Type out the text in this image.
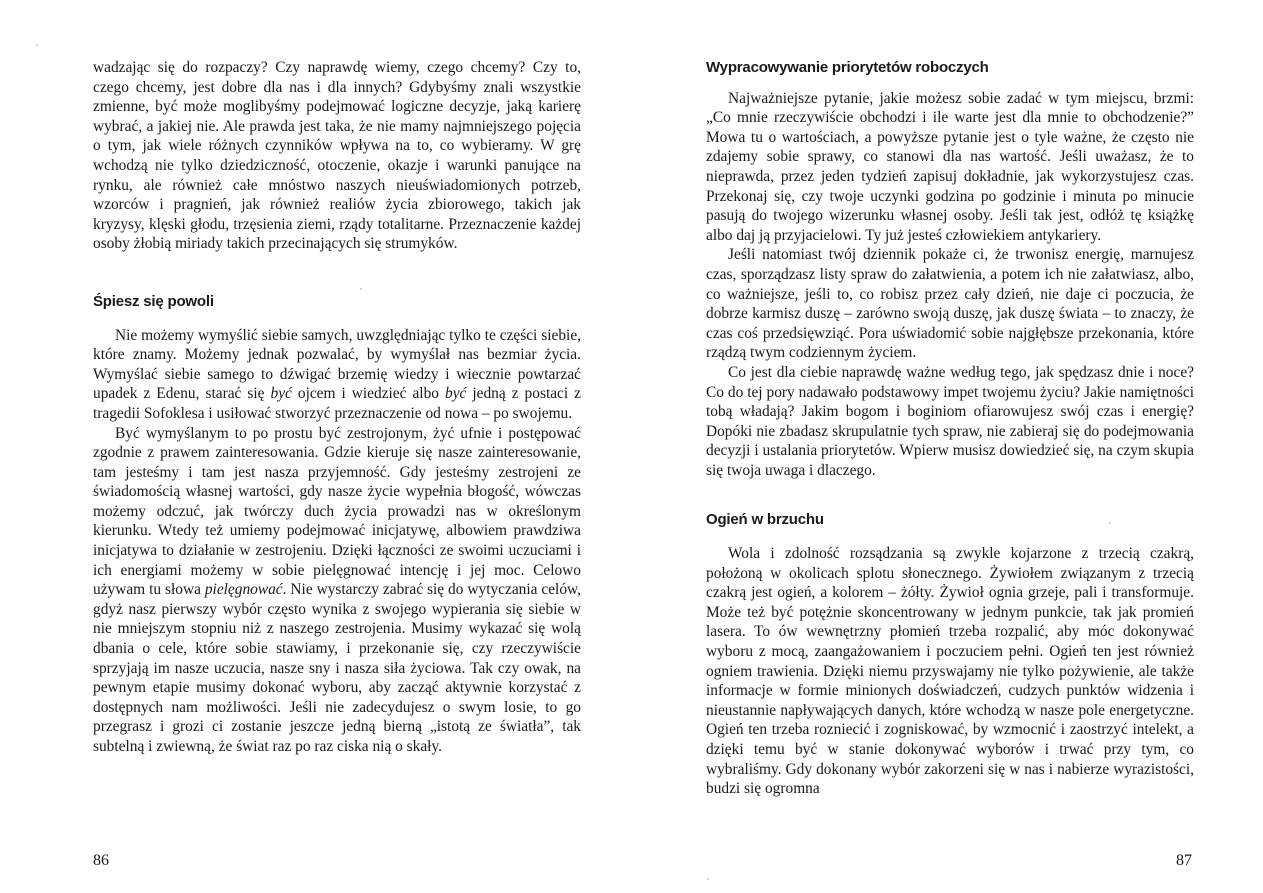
wadzając się do rozpaczy? Czy naprawdę wiemy, czego chcemy? Czy to, czego chcemy, jest dobre dla nas i dla innych? Gdybyśmy znali wszystkie zmienne, być może moglibyśmy podejmować logiczne decyzje, jaką karierę wybrać, a jakiej nie. Ale prawda jest taka, że nie mamy najmniejszego pojęcia o tym, jak wiele różnych czynników wpływa na to, co wybieramy. W grę wchodzą nie tylko dziedziczność, otoczenie, okazje i warunki panujące na rynku, ale również całe mnóstwo naszych nieuświadomionych potrzeb, wzorców i pragnień, jak również realiów życia zbiorowego, takich jak kryzysy, klęski głodu, trzęsienia ziemi, rządy totalitarne. Przeznaczenie każdej osoby żłobią miriady takich przecinających się strumyków.

Śpiesz się powoli

Nie możemy wymyślić siebie samych, uwzględniając tylko te części siebie, które znamy. Możemy jednak pozwalać, by wymyślał nas bezmiar życia. Wymyślać siebie samego to dźwigać brzemię wiedzy i wiecznie powtarzać upadek z Edenu, starać się być ojcem i wiedzieć albo być jedną z postaci z tragedii Sofoklesa i usiłować stworzyć przeznaczenie od nowa – po swojemu.

Być wymyślanym to po prostu być zestrojonym, żyć ufnie i postępować zgodnie z prawem zainteresowania. Gdzie kieruje się nasze zainteresowanie, tam jesteśmy i tam jest nasza przyjemność. Gdy jesteśmy zestrojeni ze świadomością własnej wartości, gdy nasze życie wypełnia błogość, wówczas możemy odczuć, jak twórczy duch życia prowadzi nas w określonym kierunku. Wtedy też umiemy podejmować inicjatywę, albowiem prawdziwa inicjatywa to działanie w zestrojeniu. Dzięki łączności ze swoimi uczuciami i ich energiami możemy w sobie pielęgnować intencję i jej moc. Celowo używam tu słowa pielęgnować. Nie wystarczy zabrać się do wytyczania celów, gdyż nasz pierwszy wybór często wynika z swojego wypierania się siebie w nie mniejszym stopniu niż z naszego zestrojenia. Musimy wykazać się wolą dbania o cele, które sobie stawiamy, i przekonanie się, czy rzeczywiście sprzyjają im nasze uczucia, nasze sny i nasza siła życiowa. Tak czy owak, na pewnym etapie musimy dokonać wyboru, aby zacząć aktywnie korzystać z dostępnych nam możliwości. Jeśli nie zadecydujesz o swym losie, to go przegrasz i grozi ci zostanie jeszcze jedną bierną „istotą ze światła”, tak subtelną i zwiewną, że świat raz po raz ciska nią o skały.

86
Wypracowywanie priorytetów roboczych

Najważniejsze pytanie, jakie możesz sobie zadać w tym miejscu, brzmi: „Co mnie rzeczywiście obchodzi i ile warte jest dla mnie to obchodzenie?” Mowa tu o wartościach, a powyższe pytanie jest o tyle ważne, że często nie zdajemy sobie sprawy, co stanowi dla nas wartość. Jeśli uważasz, że to nieprawda, przez jeden tydzień zapisuj dokładnie, jak wykorzystujesz czas. Przekonaj się, czy twoje uczynki godzina po godzinie i minuta po minucie pasują do twojego wizerunku własnej osoby. Jeśli tak jest, odłóż tę książkę albo daj ją przyjacielowi. Ty już jesteś człowiekiem antykariery.

Jeśli natomiast twój dziennik pokaże ci, że trwonisz energię, marnujesz czas, sporządzasz listy spraw do załatwienia, a potem ich nie załatwiasz, albo, co ważniejsze, jeśli to, co robisz przez cały dzień, nie daje ci poczucia, że dobrze karmisz duszę – zarówno swoją duszę, jak duszę świata – to znaczy, że czas coś przedsięwziąć. Pora uświadomić sobie najgłębsze przekonania, które rządzą twym codziennym życiem.

Co jest dla ciebie naprawdę ważne według tego, jak spędzasz dnie i noce? Co do tej pory nadawało podstawowy impet twojemu życiu? Jakie namiętności tobą władają? Jakim bogom i boginiom ofiarowujesz swój czas i energię? Dopóki nie zbadasz skrupulatnie tych spraw, nie zabieraj się do podejmowania decyzji i ustalania priorytetów. Wpierw musisz dowiedzieć się, na czym skupia się twoja uwaga i dlaczego.

Ogień w brzuchu

Wola i zdolność rozsądzania są zwykle kojarzone z trzecią czakrą, położoną w okolicach splotu słonecznego. Żywiołem związanym z trzecią czakrą jest ogień, a kolorem – żółty. Żywioł ognia grzeje, pali i transformuje. Może też być potężnie skoncentrowany w jednym punkcie, tak jak promień lasera. To ów wewnętrzny płomień trzeba rozpalić, aby móc dokonywać wyboru z mocą, zaangażowaniem i poczuciem pełni. Ogień ten jest również ogniem trawienia. Dzięki niemu przyswajamy nie tylko pożywienie, ale także informacje w formie minionych doświadczeń, cudzych punktów widzenia i nieustannie napływających danych, które wchodzą w nasze pole energetyczne. Ogień ten trzeba rozniecić i zogniskować, by wzmocnić i zaostrzyć intelekt, a dzięki temu być w stanie dokonywać wyborów i trwać przy tym, co wybraliśmy. Gdy dokonany wybór zakorzeni się w nas i nabierze wyrazistości, budzi się ogromna

87
